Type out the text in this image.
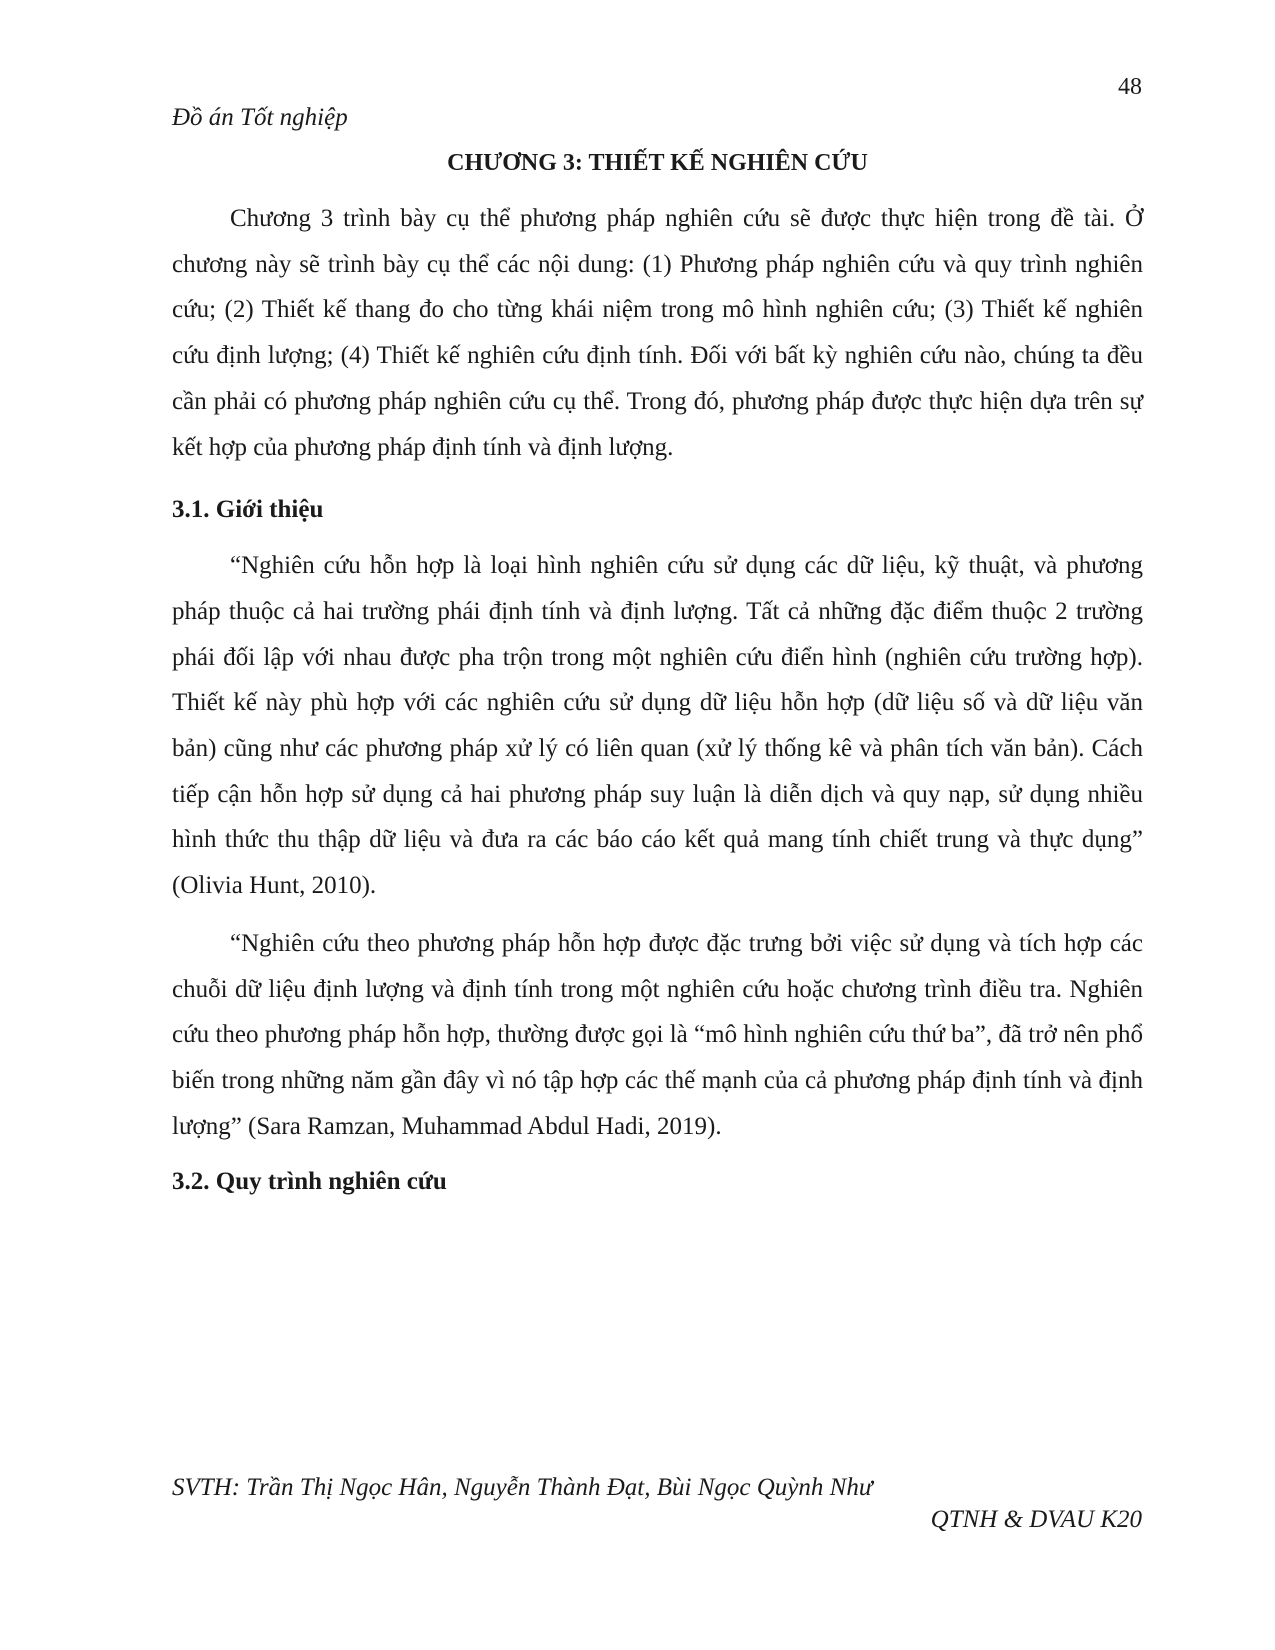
48
Đồ án Tốt nghiệp
CHƯƠNG 3: THIẾT KẾ NGHIÊN CỨU

Chương 3 trình bày cụ thể phương pháp nghiên cứu sẽ được thực hiện trong đề tài. Ở chương này sẽ trình bày cụ thể các nội dung: (1) Phương pháp nghiên cứu và quy trình nghiên cứu; (2) Thiết kế thang đo cho từng khái niệm trong mô hình nghiên cứu; (3) Thiết kế nghiên cứu định lượng; (4) Thiết kế nghiên cứu định tính. Đối với bất kỳ nghiên cứu nào, chúng ta đều cần phải có phương pháp nghiên cứu cụ thể. Trong đó, phương pháp được thực hiện dựa trên sự kết hợp của phương pháp định tính và định lượng.

3.1. Giới thiệu

“Nghiên cứu hỗn hợp là loại hình nghiên cứu sử dụng các dữ liệu, kỹ thuật, và phương pháp thuộc cả hai trường phái định tính và định lượng. Tất cả những đặc điểm thuộc 2 trường phái đối lập với nhau được pha trộn trong một nghiên cứu điển hình (nghiên cứu trường hợp). Thiết kế này phù hợp với các nghiên cứu sử dụng dữ liệu hỗn hợp (dữ liệu số và dữ liệu văn bản) cũng như các phương pháp xử lý có liên quan (xử lý thống kê và phân tích văn bản). Cách tiếp cận hỗn hợp sử dụng cả hai phương pháp suy luận là diễn dịch và quy nạp, sử dụng nhiều hình thức thu thập dữ liệu và đưa ra các báo cáo kết quả mang tính chiết trung và thực dụng” (Olivia Hunt, 2010).

“Nghiên cứu theo phương pháp hỗn hợp được đặc trưng bởi việc sử dụng và tích hợp các chuỗi dữ liệu định lượng và định tính trong một nghiên cứu hoặc chương trình điều tra. Nghiên cứu theo phương pháp hỗn hợp, thường được gọi là “mô hình nghiên cứu thứ ba”, đã trở nên phổ biến trong những năm gần đây vì nó tập hợp các thế mạnh của cả phương pháp định tính và định lượng” (Sara Ramzan, Muhammad Abdul Hadi, 2019).

3.2. Quy trình nghiên cứu
SVTH: Trần Thị Ngọc Hân, Nguyễn Thành Đạt, Bùi Ngọc Quỳnh Như
QTNH & DVAU K20
